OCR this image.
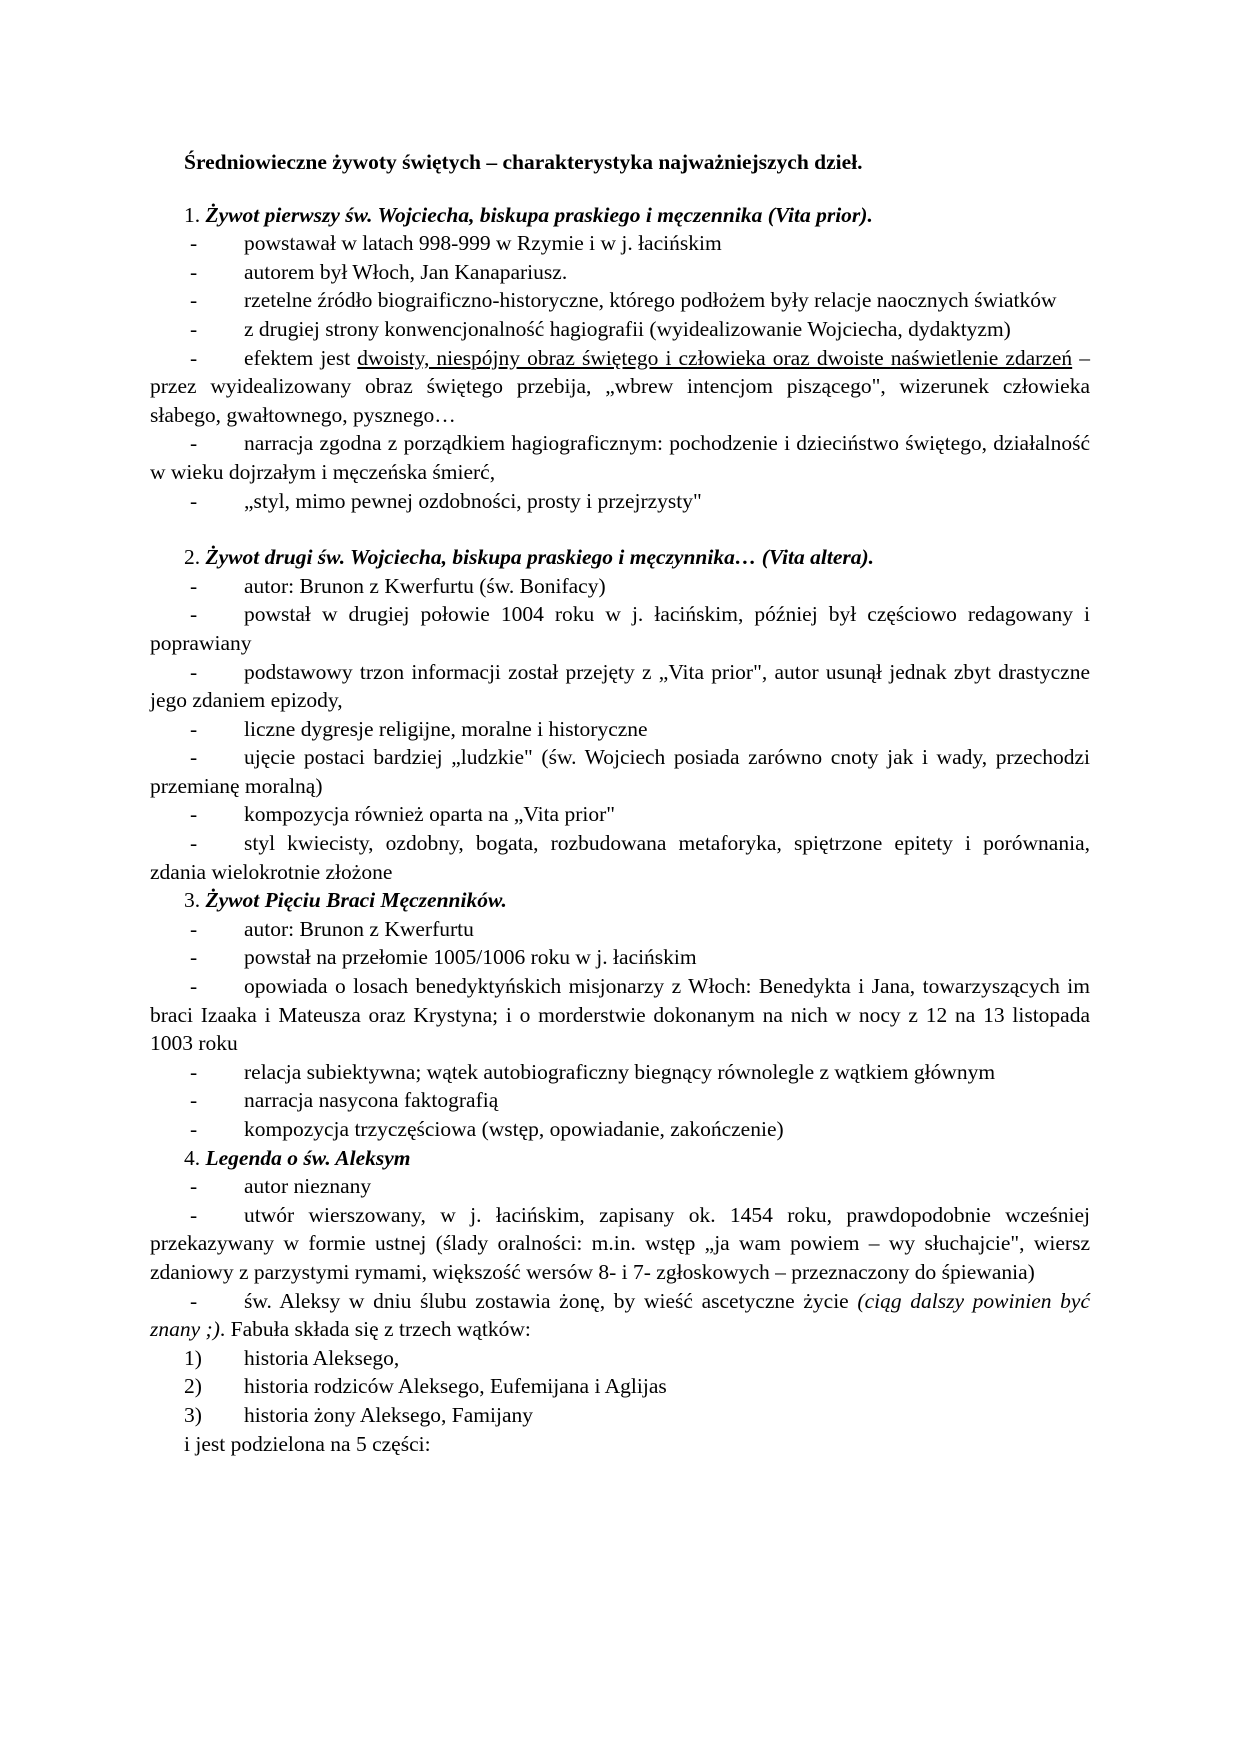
Średniowieczne żywoty świętych – charakterystyka najważniejszych dzieł.
1. Żywot pierwszy św. Wojciecha, biskupa praskiego i męczennika (Vita prior).
- powstawał w latach 998-999 w Rzymie i w j. łacińskim
- autorem był Włoch, Jan Kanapariusz.
- rzetelne źródło biograificzno-historyczne, którego podłożem były relacje naocznych światków
- z drugiej strony konwencjonalność hagiografii (wyidealizowanie Wojciecha, dydaktyzm)
- efektem jest dwoisty, niespójny obraz świętego i człowieka oraz dwoiste naświetlenie zdarzeń – przez wyidealizowany obraz świętego przebija, „wbrew intencjom piszącego", wizerunek człowieka słabego, gwałtownego, pysznego…
- narracja zgodna z porządkiem hagiograficznym: pochodzenie i dzieciństwo świętego, działalność w wieku dojrzałym i męczeńska śmierć,
- „styl, mimo pewnej ozdobności, prosty i przejrzysty"
2. Żywot drugi św. Wojciecha, biskupa praskiego i męczynnika… (Vita altera).
- autor: Brunon z Kwerfurtu (św. Bonifacy)
- powstał w drugiej połowie 1004 roku w j. łacińskim, później był częściowo redagowany i poprawiany
- podstawowy trzon informacji został przejęty z „Vita prior", autor usunął jednak zbyt drastyczne jego zdaniem epizody,
- liczne dygresje religijne, moralne i historyczne
- ujęcie postaci bardziej „ludzkie" (św. Wojciech posiada zarówno cnoty jak i wady, przechodzi przemianę moralną)
- kompozycja również oparta na „Vita prior"
- styl kwiecisty, ozdobny, bogata, rozbudowana metaforyka, spiętrzone epitety i porównania, zdania wielokrotnie złożone
3. Żywot Pięciu Braci Męczenników.
- autor: Brunon z Kwerfurtu
- powstał na przełomie 1005/1006 roku w j. łacińskim
- opowiada o losach benedyktyńskich misjonarzy z Włoch: Benedykta i Jana, towarzyszących im braci Izaaka i Mateusza oraz Krystyna; i o morderstwie dokonanym na nich w nocy z 12 na 13 listopada 1003 roku
- relacja subiektywna; wątek autobiograficzny biegnący równolegle z wątkiem głównym
- narracja nasycona faktografią
- kompozycja trzyczęściowa (wstęp, opowiadanie, zakończenie)
4. Legenda o św. Aleksym
- autor nieznany
- utwór wierszowany, w j. łacińskim, zapisany ok. 1454 roku, prawdopodobnie wcześniej przekazywany w formie ustnej (ślady oralności: m.in. wstęp „ja wam powiem – wy słuchajcie", wiersz zdaniowy z parzystymi rymami, większość wersów 8- i 7- zgłoskowych – przeznaczony do śpiewania)
- św. Aleksy w dniu ślubu zostawia żonę, by wieść ascetyczne życie (ciąg dalszy powinien być znany ;). Fabuła składa się z trzech wątków:
1)	historia Aleksego,
2)	historia rodziców Aleksego, Eufemijana i Aglijas
3)	historia żony Aleksego, Famijany
i jest podzielona na 5 części:
